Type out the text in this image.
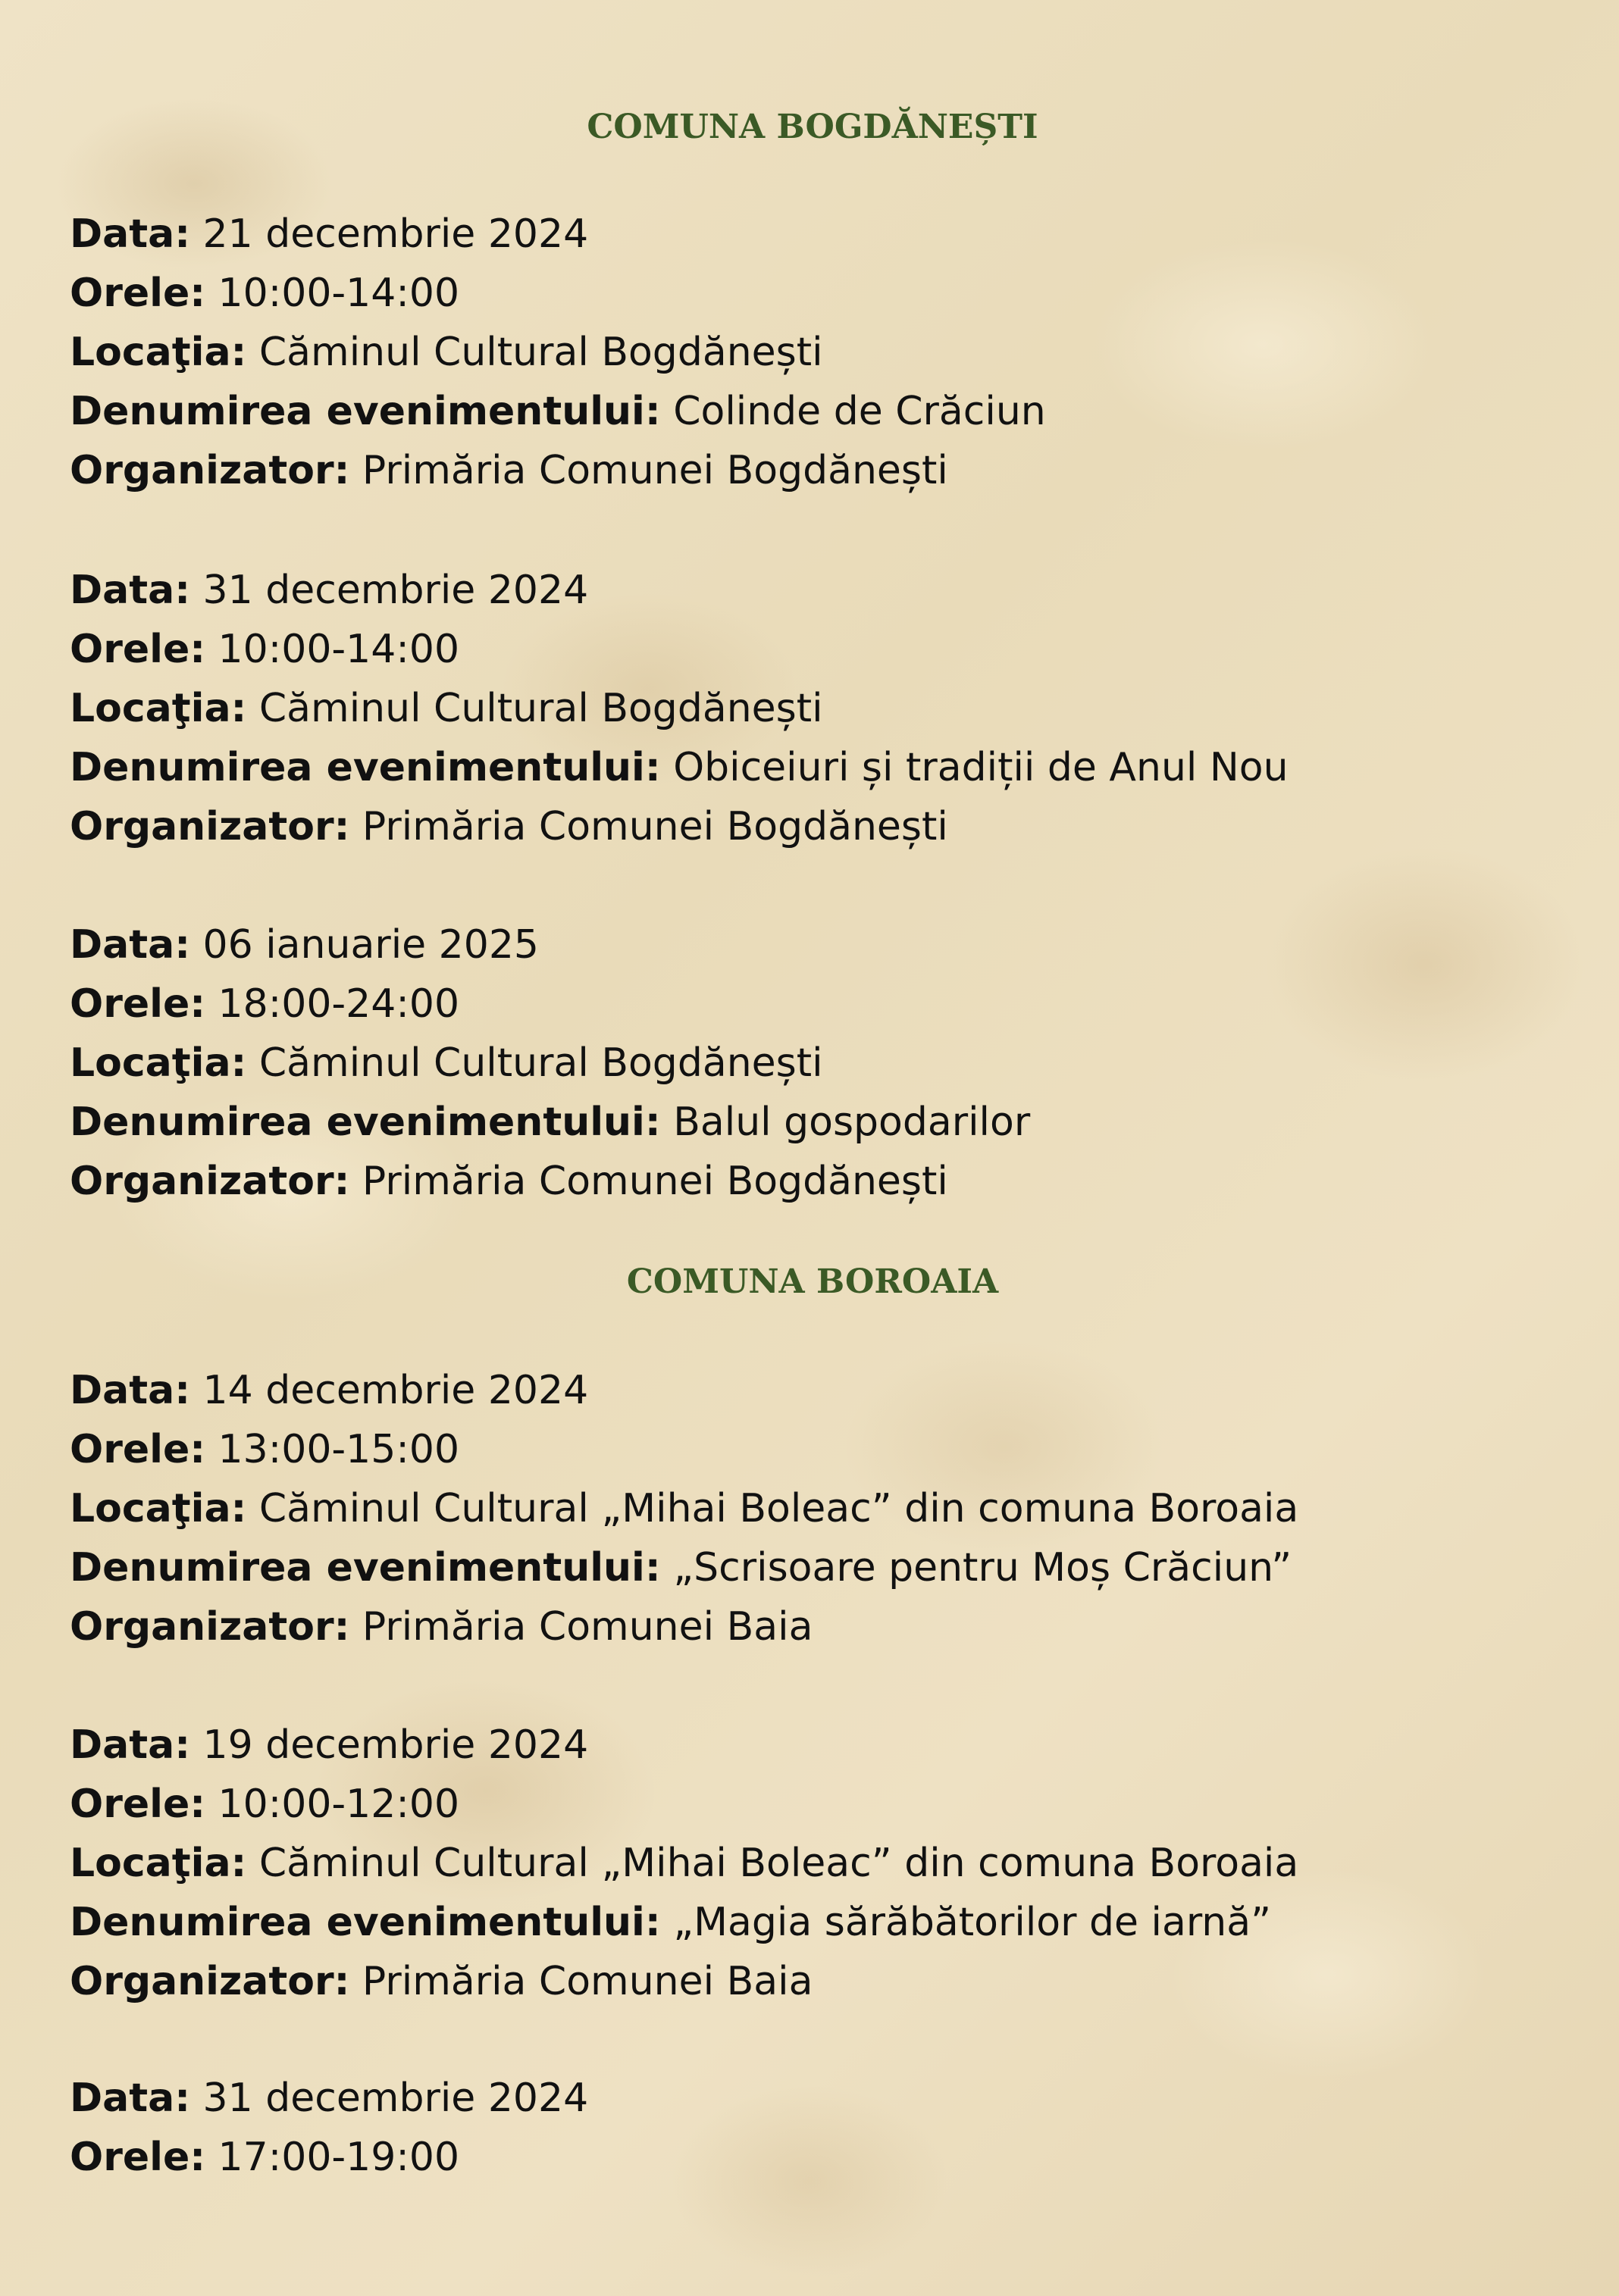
COMUNA BOGDĂNEȘTI
Data: 21 decembrie 2024
Orele: 10:00-14:00
Locaţia: Căminul Cultural Bogdănești
Denumirea evenimentului: Colinde de Crăciun
Organizator: Primăria Comunei Bogdănești
Data: 31 decembrie 2024
Orele: 10:00-14:00
Locaţia: Căminul Cultural Bogdănești
Denumirea evenimentului: Obiceiuri și tradiții de Anul Nou
Organizator: Primăria Comunei Bogdănești
Data: 06 ianuarie 2025
Orele: 18:00-24:00
Locaţia: Căminul Cultural Bogdănești
Denumirea evenimentului: Balul gospodarilor
Organizator: Primăria Comunei Bogdănești
COMUNA BOROAIA
Data: 14 decembrie 2024
Orele: 13:00-15:00
Locaţia: Căminul Cultural „Mihai Boleac” din comuna Boroaia
Denumirea evenimentului: „Scrisoare pentru Moș Crăciun”
Organizator: Primăria Comunei Baia
Data: 19 decembrie 2024
Orele: 10:00-12:00
Locaţia: Căminul Cultural „Mihai Boleac” din comuna Boroaia
Denumirea evenimentului: „Magia sărăbătorilor de iarnă”
Organizator: Primăria Comunei Baia
Data: 31 decembrie 2024
Orele: 17:00-19:00
